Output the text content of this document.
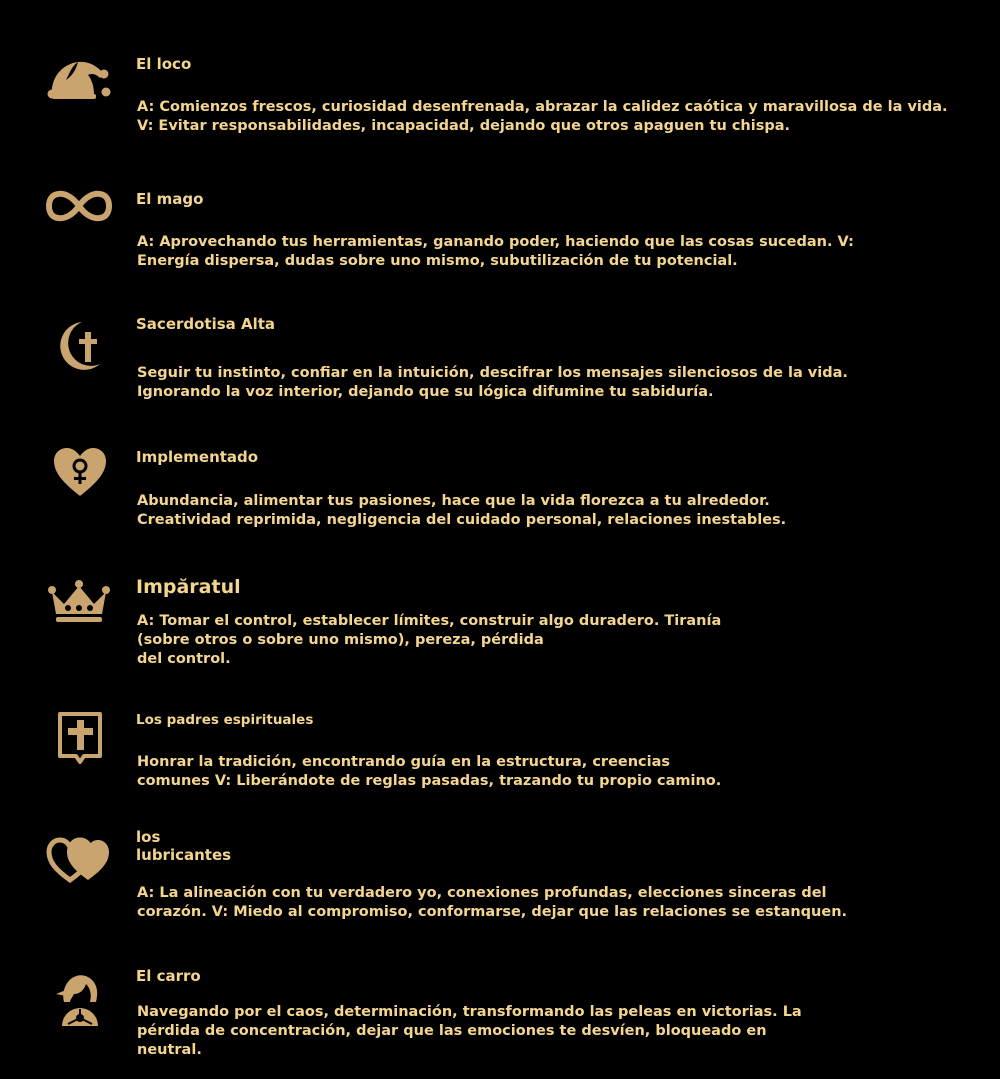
El loco
A: Comienzos frescos, curiosidad desenfrenada, abrazar la calidez caótica y maravillosa de la vida.
V: Evitar responsabilidades, incapacidad, dejando que otros apaguen tu chispa.
El mago
A: Aprovechando tus herramientas, ganando poder, haciendo que las cosas sucedan. V:
Energía dispersa, dudas sobre uno mismo, subutilización de tu potencial.
Sacerdotisa Alta
Seguir tu instinto, confiar en la intuición, descifrar los mensajes silenciosos de la vida.
Ignorando la voz interior, dejando que su lógica difumine tu sabiduría.
Implementado
Abundancia, alimentar tus pasiones, hace que la vida florezca a tu alrededor.
Creatividad reprimida, negligencia del cuidado personal, relaciones inestables.
Impăratul
A: Tomar el control, establecer límites, construir algo duradero. Tiranía
(sobre otros o sobre uno mismo), pereza, pérdida
del control.
Los padres espirituales
Honrar la tradición, encontrando guía en la estructura, creencias
comunes V: Liberándote de reglas pasadas, trazando tu propio camino.
los
lubricantes
A: La alineación con tu verdadero yo, conexiones profundas, elecciones sinceras del
corazón. V: Miedo al compromiso, conformarse, dejar que las relaciones se estanquen.
El carro
Navegando por el caos, determinación, transformando las peleas en victorias. La
pérdida de concentración, dejar que las emociones te desvíen, bloqueado en
neutral.
